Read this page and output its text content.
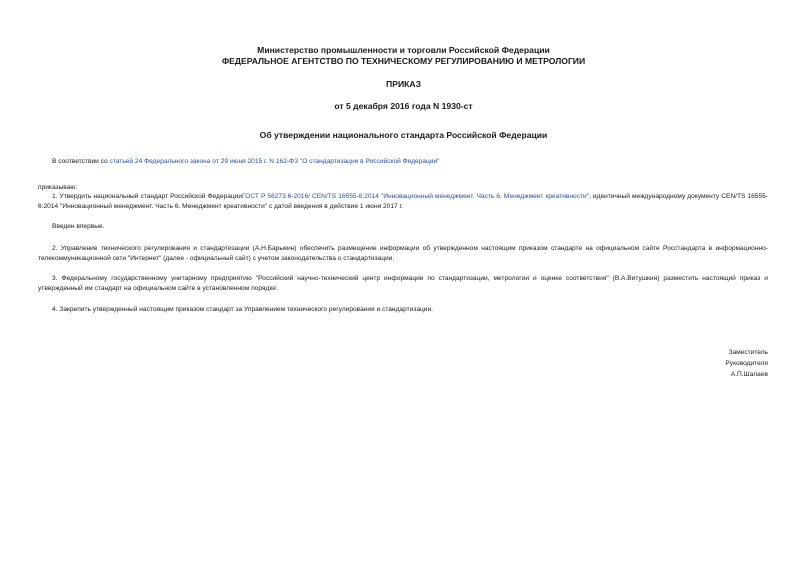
Министерство промышленности и торговли Российской Федерации
ФЕДЕРАЛЬНОЕ АГЕНТСТВО ПО ТЕХНИЧЕСКОМУ РЕГУЛИРОВАНИЮ И МЕТРОЛОГИИ
ПРИКАЗ
от 5 декабря 2016 года N 1930-ст
Об утверждении национального стандарта Российской Федерации
В соответствии со статьей 24 Федерального закона от 29 июня 2015 г. N 162-ФЗ "О стандартизации в Российской Федерации"
приказываю:
1. Утвердить национальный стандарт Российской ФедерацииГОСТ Р 56273.6-2016/ CEN/TS 16555-6:2014 "Инновационный менеджмент. Часть 6. Менеджмент креативности", идентичный международному документу CEN/TS 16555-6:2014 "Инновационный менеджмент. Часть 6. Менеджмент креативности" с датой введения в действие 1 июня 2017 г.
Введен впервые.
2. Управление технического регулирования и стандартизации (А.Н.Барыкин) обеспечить размещение информации об утвержденном настоящим приказом стандарте на официальном сайте Росстандарта в информационно-телекоммуникационной сети "Интернет" (далее - официальный сайт) с учетом законодательства о стандартизации.
3. Федеральному государственному унитарному предприятию "Российский научно-технический центр информации по стандартизации, метрологии и оценке соответствия" (В.А.Витушкин) разместить настоящий приказ и утвержденный им стандарт на официальном сайте в установленном порядке.
4. Закрепить утвержденный настоящим приказом стандарт за Управлением технического регулирования и стандартизации.
Заместитель
Руководителя
А.П.Шалаев
